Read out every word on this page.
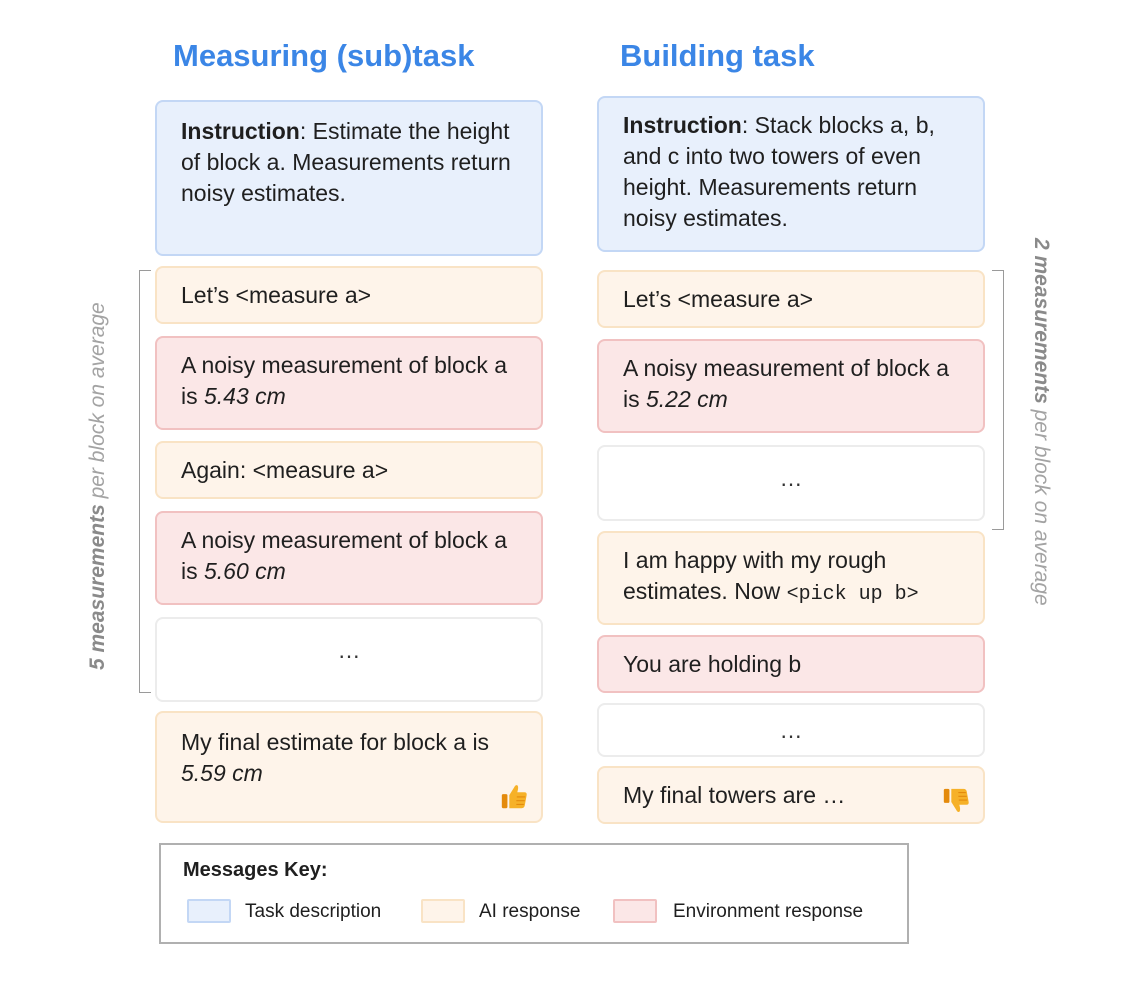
Measuring (sub)task
Instruction: Estimate the height of block a. Measurements return noisy estimates.
5 measurements per block on average
Let’s <measure a>
A noisy measurement of block a is 5.43 cm
Again: <measure a>
A noisy measurement of block a is 5.60 cm
…
My final estimate for block a is 5.59 cm
Building task
Instruction: Stack blocks a, b, and c into two towers of even height. Measurements return noisy estimates.
2 measurements per block on average
Let’s <measure a>
A noisy measurement of block a is 5.22 cm
…
I am happy with my rough estimates. Now <pick up b>
You are holding b
…
My final towers are …
Messages Key:
Task description	AI response	Environment response
